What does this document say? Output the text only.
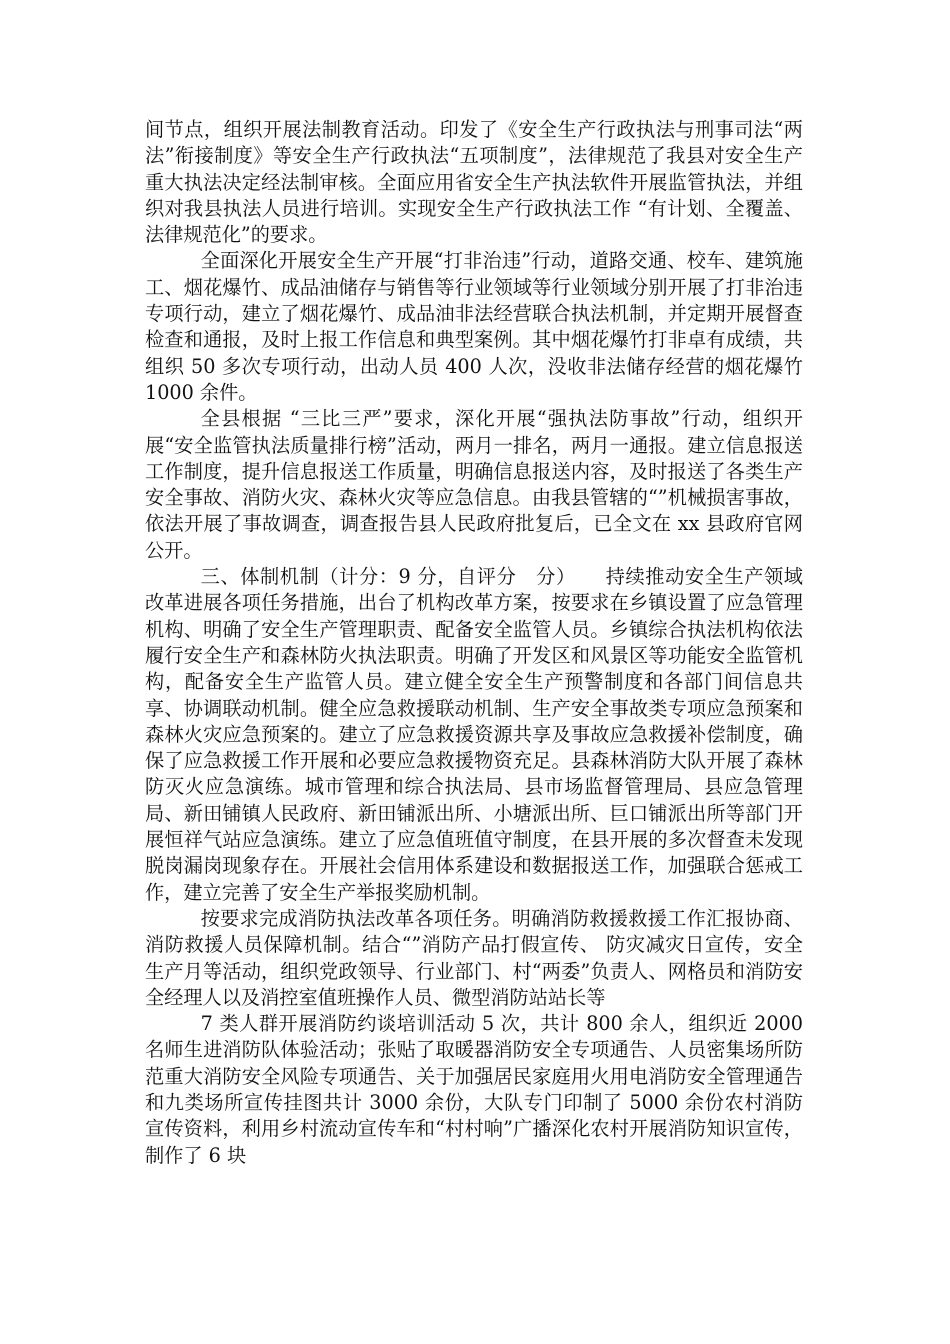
间节点，组织开展法制教育活动。印发了《安全生产行政执法与刑事司法“两法”衔接制度》等安全生产行政执法“五项制度”，法律规范了我县对安全生产重大执法决定经法制审核。全面应用省安全生产执法软件开展监管执法，并组织对我县执法人员进行培训。实现安全生产行政执法工作 “有计划、全覆盖、法律规范化”的要求。

全面深化开展安全生产开展“打非治违”行动，道路交通、校车、建筑施工、烟花爆竹、成品油储存与销售等行业领域等行业领域分别开展了打非治违专项行动，建立了烟花爆竹、成品油非法经营联合执法机制，并定期开展督查检查和通报，及时上报工作信息和典型案例。其中烟花爆竹打非卓有成绩，共组织 50 多次专项行动，出动人员 400 人次，没收非法储存经营的烟花爆竹 1000 余件。

全县根据 “三比三严”要求，深化开展“强执法防事故”行动，组织开展“安全监管执法质量排行榜”活动，两月一排名，两月一通报。建立信息报送工作制度，提升信息报送工作质量，明确信息报送内容，及时报送了各类生产安全事故、消防火灾、森林火灾等应急信息。由我县管辖的“”机械损害事故，依法开展了事故调查，调查报告县人民政府批复后，已全文在 xx 县政府官网公开。

三、体制机制（计分：9 分，自评分　分）　　持续推动安全生产领域改革进展各项任务措施，出台了机构改革方案，按要求在乡镇设置了应急管理机构、明确了安全生产管理职责、配备安全监管人员。乡镇综合执法机构依法履行安全生产和森林防火执法职责。明确了开发区和风景区等功能安全监管机构，配备安全生产监管人员。建立健全安全生产预警制度和各部门间信息共享、协调联动机制。健全应急救援联动机制、生产安全事故类专项应急预案和森林火灾应急预案的。建立了应急救援资源共享及事故应急救援补偿制度，确保了应急救援工作开展和必要应急救援物资充足。县森林消防大队开展了森林防灭火应急演练。城市管理和综合执法局、县市场监督管理局、县应急管理局、新田铺镇人民政府、新田铺派出所、小塘派出所、巨口铺派出所等部门开展恒祥气站应急演练。建立了应急值班值守制度，在县开展的多次督查未发现脱岗漏岗现象存在。开展社会信用体系建设和数据报送工作，加强联合惩戒工作，建立完善了安全生产举报奖励机制。

按要求完成消防执法改革各项任务。明确消防救援救援工作汇报协商、消防救援人员保障机制。结合“”消防产品打假宣传、 防灾减灾日宣传，安全生产月等活动，组织党政领导、行业部门、村“两委”负责人、网格员和消防安全经理人以及消控室值班操作人员、微型消防站站长等

7 类人群开展消防约谈培训活动 5 次，共计 800 余人，组织近 2000 名师生进消防队体验活动；张贴了取暖器消防安全专项通告、人员密集场所防范重大消防安全风险专项通告、关于加强居民家庭用火用电消防安全管理通告和九类场所宣传挂图共计 3000 余份，大队专门印制了 5000 余份农村消防宣传资料，利用乡村流动宣传车和“村村响”广播深化农村开展消防知识宣传，制作了 6 块
